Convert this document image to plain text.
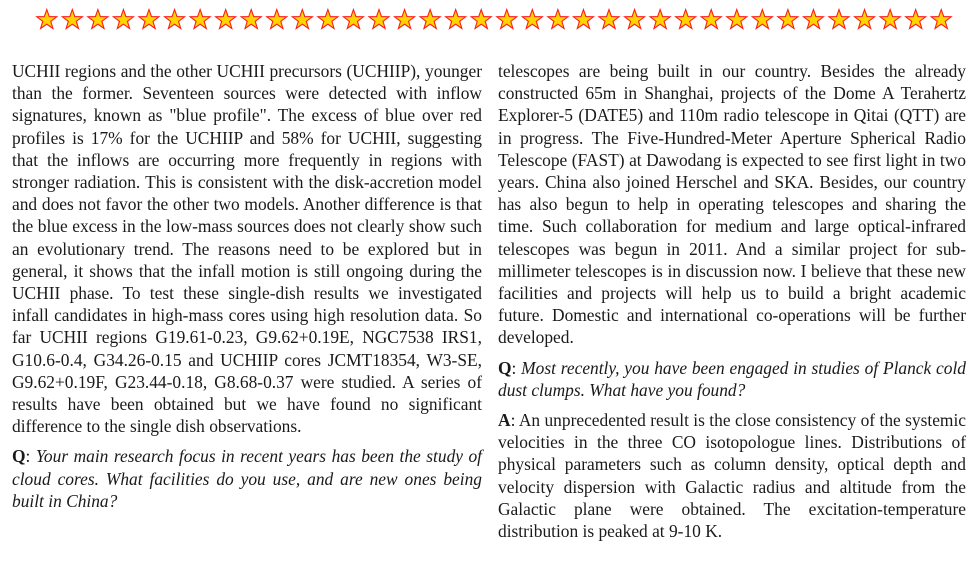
UCHII regions and the other UCHII precursors (UCHIIP), younger than the former. Seventeen sources were detected with inflow signatures, known as "blue profile". The excess of blue over red profiles is 17% for the UCHIIP and 58% for UCHII, suggesting that the inflows are occurring more frequently in regions with stronger radiation. This is consistent with the disk-accretion model and does not favor the other two models. Another difference is that the blue excess in the low-mass sources does not clearly show such an evolutionary trend. The reasons need to be explored but in general, it shows that the infall motion is still ongoing during the UCHII phase. To test these single-dish results we investigated infall candidates in high-mass cores using high resolution data. So far UCHII regions G19.61-0.23, G9.62+0.19E, NGC7538 IRS1, G10.6-0.4, G34.26-0.15 and UCHIIP cores JCMT18354, W3-SE, G9.62+0.19F, G23.44-0.18, G8.68-0.37 were studied. A series of results have been obtained but we have found no significant difference to the single dish observations.

Q: Your main research focus in recent years has been the study of cloud cores. What facilities do you use, and are new ones being built in China?

telescopes are being built in our country. Besides the already constructed 65m in Shanghai, projects of the Dome A Terahertz Explorer-5 (DATE5) and 110m radio telescope in Qitai (QTT) are in progress. The Five-Hundred-Meter Aperture Spherical Radio Telescope (FAST) at Dawodang is expected to see first light in two years. China also joined Herschel and SKA. Besides, our country has also begun to help in operating telescopes and sharing the time. Such collaboration for medium and large optical-infrared telescopes was begun in 2011. And a similar project for sub-millimeter telescopes is in discussion now. I believe that these new facilities and projects will help us to build a bright academic future. Domestic and international co-operations will be further developed.

Q: Most recently, you have been engaged in studies of Planck cold dust clumps. What have you found?

A: An unprecedented result is the close consistency of the systemic velocities in the three CO isotopologue lines. Distributions of physical parameters such as column density, optical depth and velocity dispersion with Galactic radius and altitude from the Galactic plane were obtained. The excitation-temperature distribution is peaked at 9-10 K.
